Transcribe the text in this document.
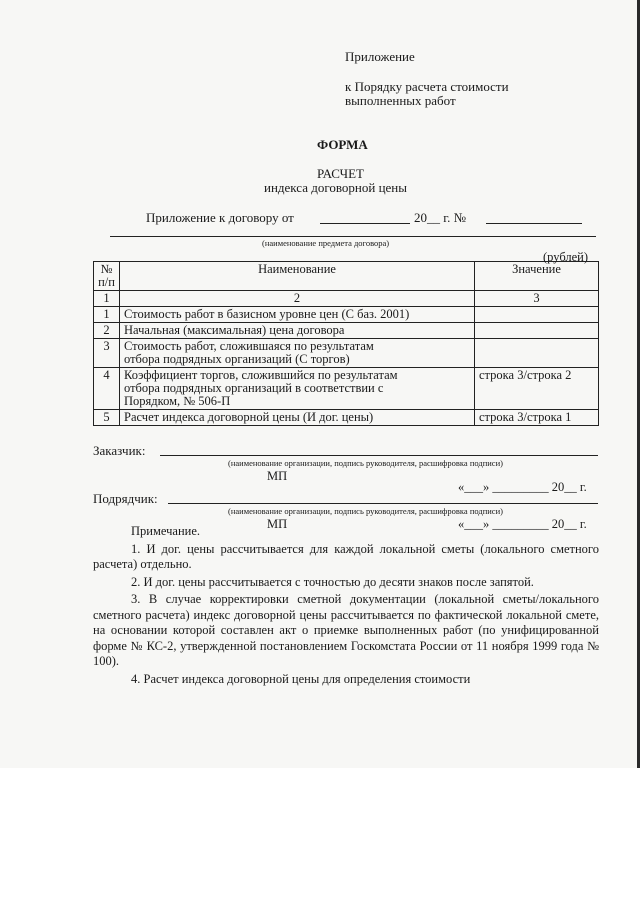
Приложение
к Порядку расчета стоимости
выполненных работ
ФОРМА
РАСЧЕТ
индекса договорной цены
Приложение к договору от	20__ г. №
(наименование предмета договора)
(рублей)
№
п/п	Наименование	Значение
1	2	3
1	Стоимость работ в базисном уровне цен (С баз. 2001)	
2	Начальная (максимальная) цена договора	
3	Стоимость работ, сложившаяся по результатам
отбора подрядных организаций (С торгов)	

4	Коэффициент торгов, сложившийся по результатам
отбора подрядных организаций в соответствии с
Порядком, № 506-П	строка 3/строка 2
5	Расчет индекса договорной цены (И дог. цены)	строка 3/строка 1
Заказчик:
(наименование организации, подпись руководителя, расшифровка подписи)
МП
«___» _________ 20__ г.
Подрядчик:
(наименование организации, подпись руководителя, расшифровка подписи)
МП	«___» _________ 20__ г.

Примечание.

1. И дог. цены рассчитывается для каждой локальной сметы (локального сметного расчета) отдельно.

2. И дог. цены рассчитывается с точностью до десяти знаков после запятой.

3. В случае корректировки сметной документации (локальной сметы/локального сметного расчета) индекс договорной цены рассчитывается по фактической локальной смете, на основании которой составлен акт о приемке выполненных работ (по унифицированной форме № КС-2, утвержденной постановлением Госкомстата России от 11 ноября 1999 года № 100).

4. Расчет индекса договорной цены для определения стоимости
